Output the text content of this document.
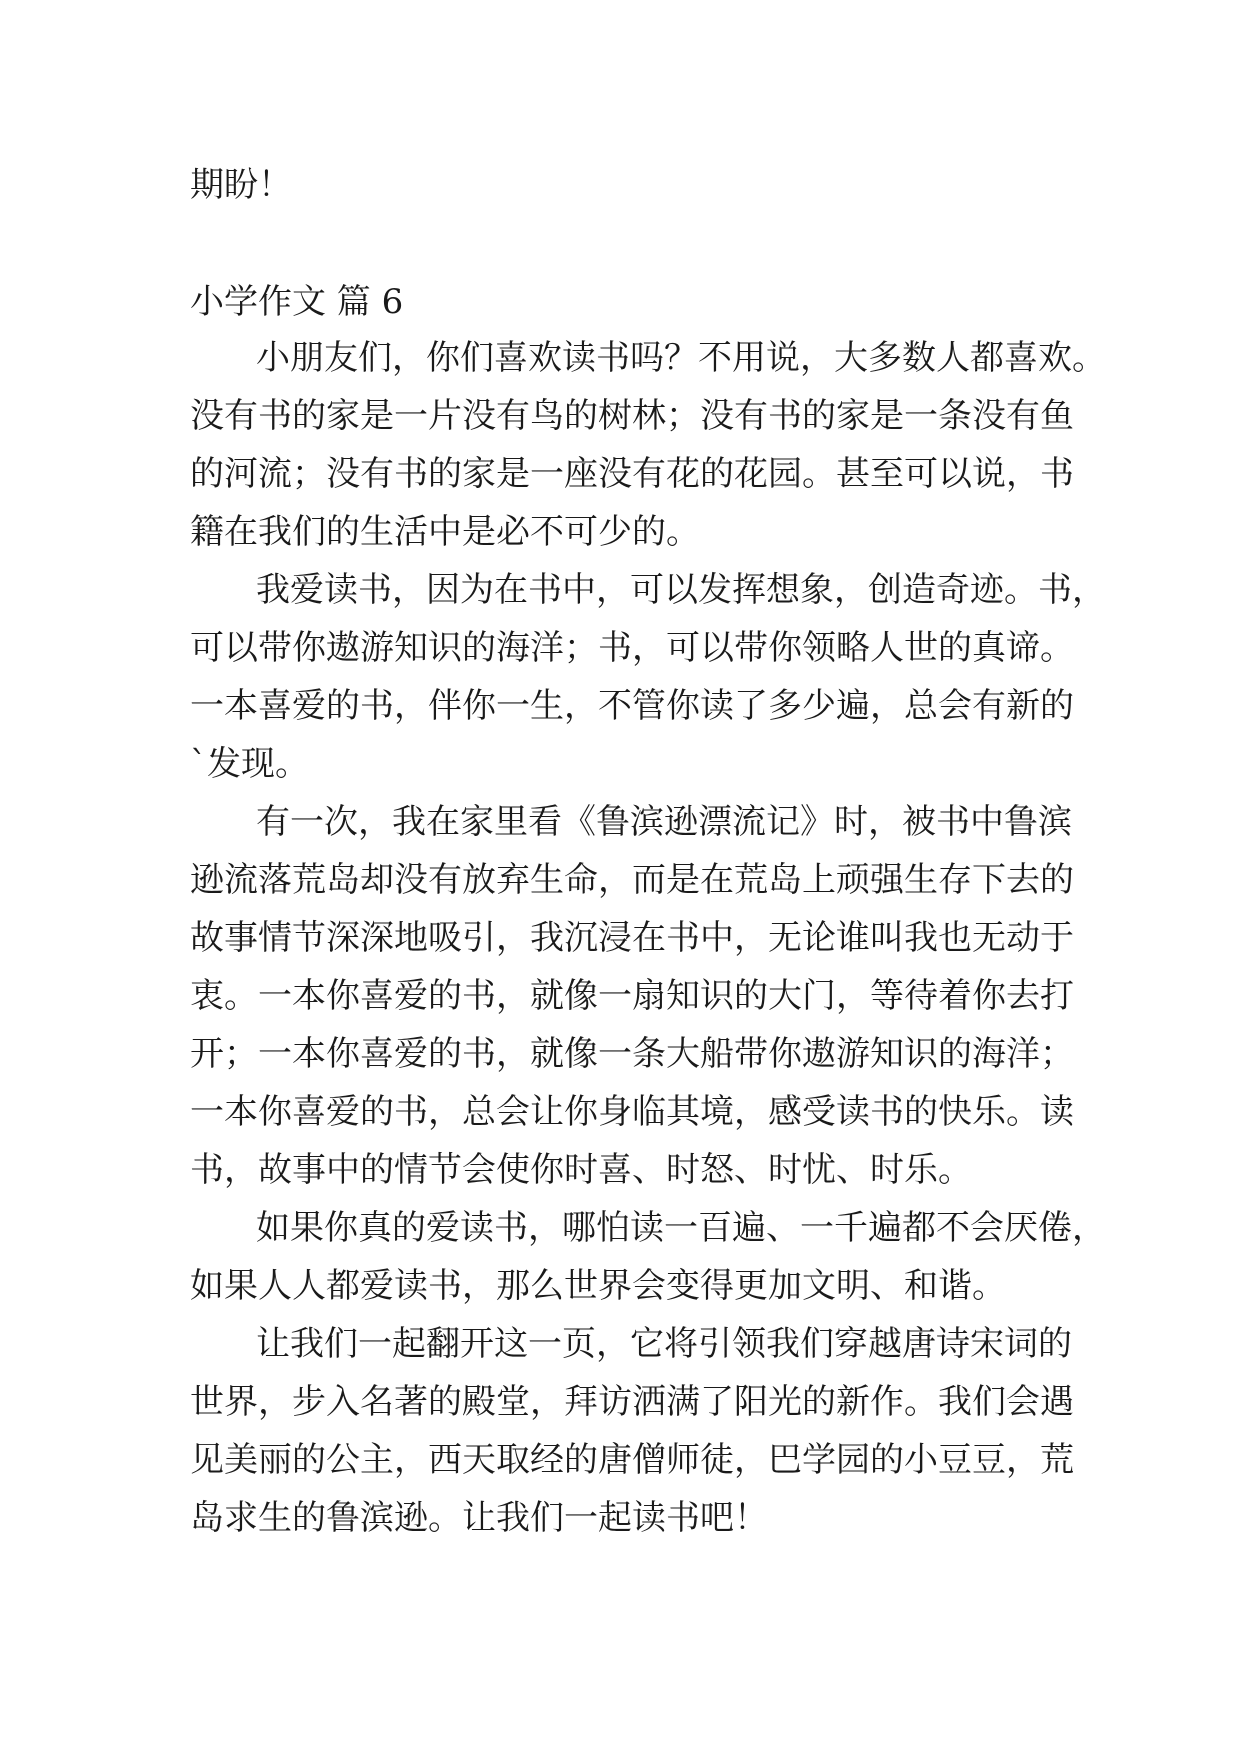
期盼！
小学作文 篇 6
小朋友们，你们喜欢读书吗？不用说，大多数人都喜欢。
没有书的家是一片没有鸟的树林；没有书的家是一条没有鱼
的河流；没有书的家是一座没有花的花园。甚至可以说，书
籍在我们的生活中是必不可少的。
我爱读书，因为在书中，可以发挥想象，创造奇迹。书，
可以带你遨游知识的海洋；书，可以带你领略人世的真谛。
一本喜爱的书，伴你一生，不管你读了多少遍，总会有新的
`发现。
有一次，我在家里看《鲁滨逊漂流记》时，被书中鲁滨
逊流落荒岛却没有放弃生命，而是在荒岛上顽强生存下去的
故事情节深深地吸引，我沉浸在书中，无论谁叫我也无动于
衷。一本你喜爱的书，就像一扇知识的大门，等待着你去打
开；一本你喜爱的书，就像一条大船带你遨游知识的海洋；
一本你喜爱的书，总会让你身临其境，感受读书的快乐。读
书，故事中的情节会使你时喜、时怒、时忧、时乐。
如果你真的爱读书，哪怕读一百遍、一千遍都不会厌倦，
如果人人都爱读书，那么世界会变得更加文明、和谐。
让我们一起翻开这一页，它将引领我们穿越唐诗宋词的
世界，步入名著的殿堂，拜访洒满了阳光的新作。我们会遇
见美丽的公主，西天取经的唐僧师徒，巴学园的小豆豆，荒
岛求生的鲁滨逊。让我们一起读书吧！
